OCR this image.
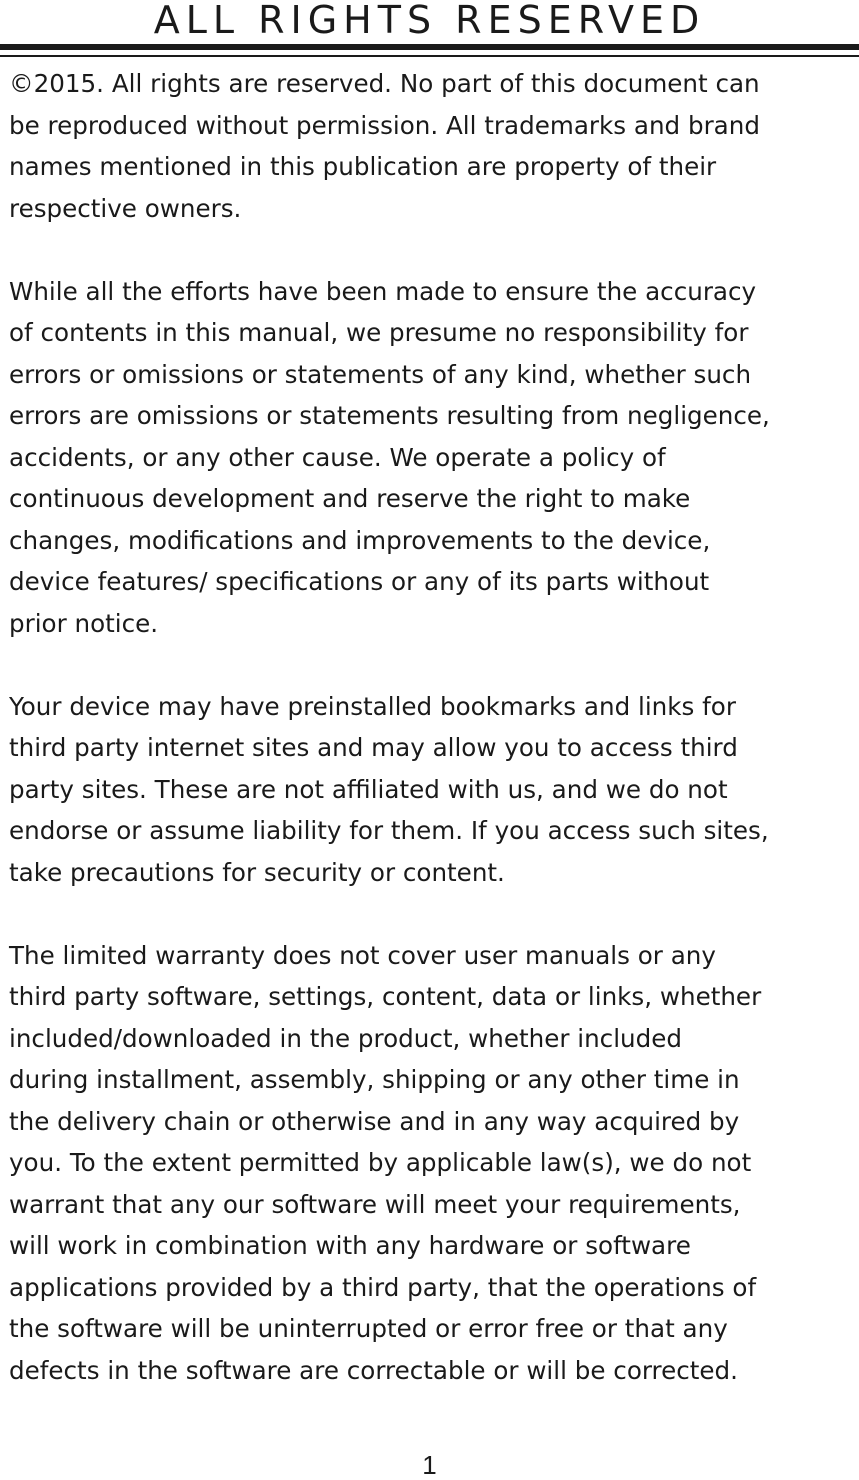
ALL RIGHTS RESERVED

©2015. All rights are reserved. No part of this document can
be reproduced without permission. All trademarks and brand
names mentioned in this publication are property of their
respective owners.

While all the efforts have been made to ensure the accuracy
of contents in this manual, we presume no responsibility for
errors or omissions or statements of any kind, whether such
errors are omissions or statements resulting from negligence,
accidents, or any other cause. We operate a policy of
continuous development and reserve the right to make
changes, modifications and improvements to the device,
device features/ specifications or any of its parts without
prior notice.

Your device may have preinstalled bookmarks and links for
third party internet sites and may allow you to access third
party sites. These are not affiliated with us, and we do not
endorse or assume liability for them. If you access such sites,
take precautions for security or content.

The limited warranty does not cover user manuals or any
third party software, settings, content, data or links, whether
included/downloaded in the product, whether included
during installment, assembly, shipping or any other time in
the delivery chain or otherwise and in any way acquired by
you. To the extent permitted by applicable law(s), we do not
warrant that any our software will meet your requirements,
will work in combination with any hardware or software
applications provided by a third party, that the operations of
the software will be uninterrupted or error free or that any
defects in the software are correctable or will be corrected.

1
